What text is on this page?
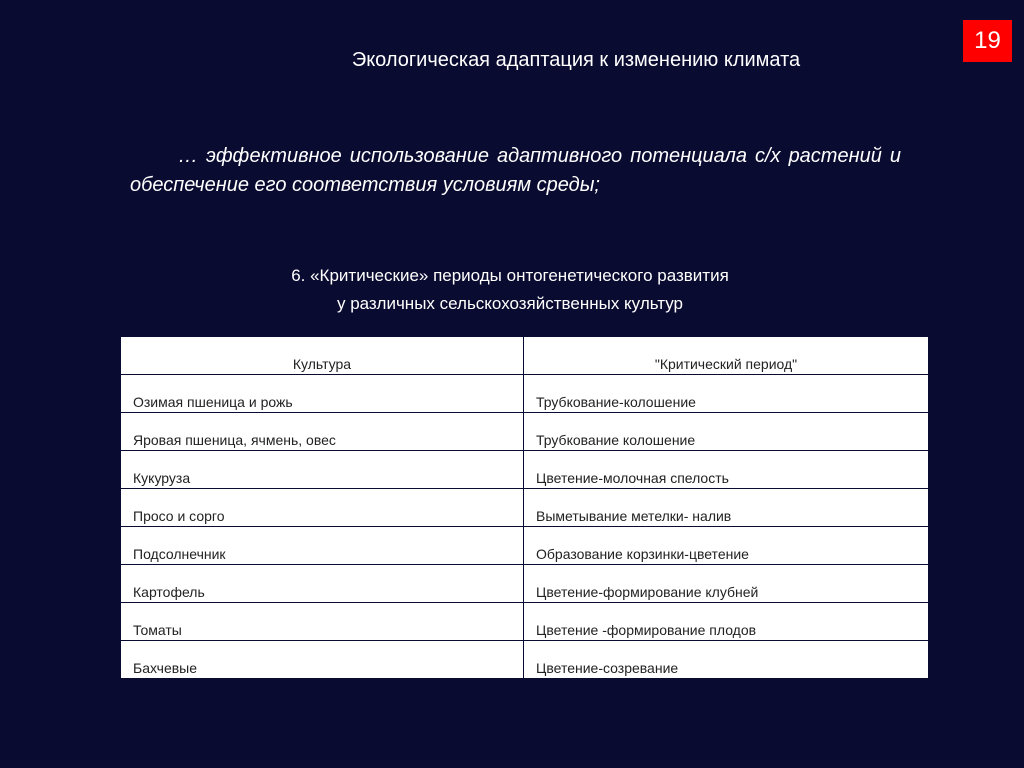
19
Экологическая адаптация к изменению климата
… эффективное использование адаптивного потенциала с/х растений и обеспечение его соответствия условиям среды;
6. «Критические» периоды онтогенетического развития
у различных сельскохозяйственных культур
Культура	"Критический период"
Озимая пшеница и рожь	Трубкование-колошение
Яровая пшеница, ячмень, овес	Трубкование колошение
Кукуруза	Цветение-молочная спелость
Просо и сорго	Выметывание метелки- налив
Подсолнечник	Образование корзинки-цветение
Картофель	Цветение-формирование клубней
Томаты	Цветение -формирование плодов
Бахчевые	Цветение-созревание
